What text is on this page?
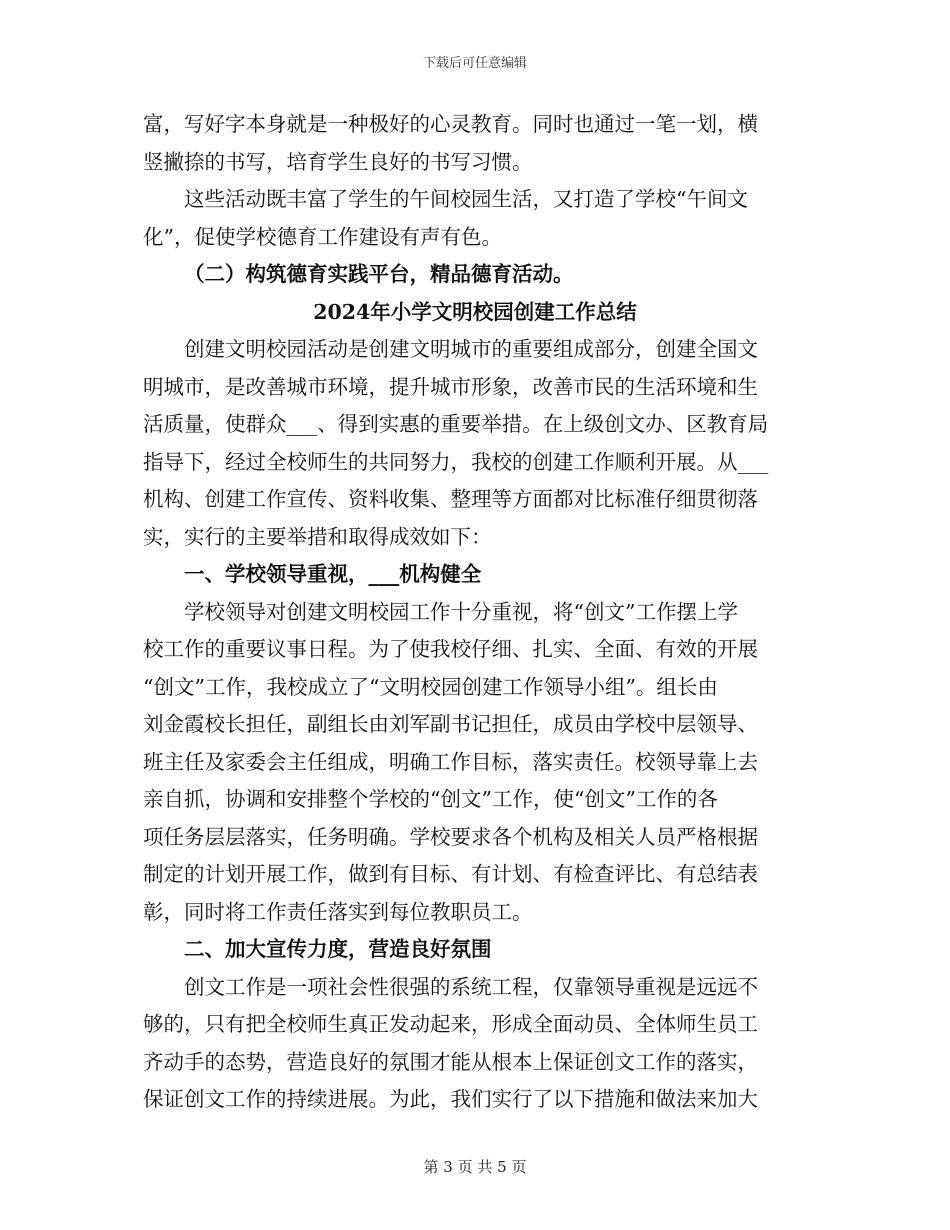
下载后可任意编辑
富，写好字本身就是一种极好的心灵教育。同时也通过一笔一划，横
竖撇捺的书写，培育学生良好的书写习惯。
这些活动既丰富了学生的午间校园生活，又打造了学校“午间文
化”，促使学校德育工作建设有声有色。
（二）构筑德育实践平台，精品德育活动。
2024年小学文明校园创建工作总结
创建文明校园活动是创建文明城市的重要组成部分，创建全国文
明城市，是改善城市环境，提升城市形象，改善市民的生活环境和生
活质量，使群众___、得到实惠的重要举措。在上级创文办、区教育局
指导下，经过全校师生的共同努力，我校的创建工作顺利开展。从___
机构、创建工作宣传、资料收集、整理等方面都对比标准仔细贯彻落
实，实行的主要举措和取得成效如下：
一、学校领导重视，___机构健全
学校领导对创建文明校园工作十分重视，将“创文”工作摆上学
校工作的重要议事日程。为了使我校仔细、扎实、全面、有效的开展
“创文”工作，我校成立了“文明校园创建工作领导小组”。组长由
刘金霞校长担任，副组长由刘军副书记担任，成员由学校中层领导、
班主任及家委会主任组成，明确工作目标，落实责任。校领导靠上去
亲自抓，协调和安排整个学校的“创文”工作，使“创文”工作的各
项任务层层落实，任务明确。学校要求各个机构及相关人员严格根据
制定的计划开展工作，做到有目标、有计划、有检查评比、有总结表
彰，同时将工作责任落实到每位教职员工。
二、加大宣传力度，营造良好氛围
创文工作是一项社会性很强的系统工程，仅靠领导重视是远远不
够的，只有把全校师生真正发动起来，形成全面动员、全体师生员工
齐动手的态势，营造良好的氛围才能从根本上保证创文工作的落实，
保证创文工作的持续进展。为此，我们实行了以下措施和做法来加大
第 3 页 共 5 页
